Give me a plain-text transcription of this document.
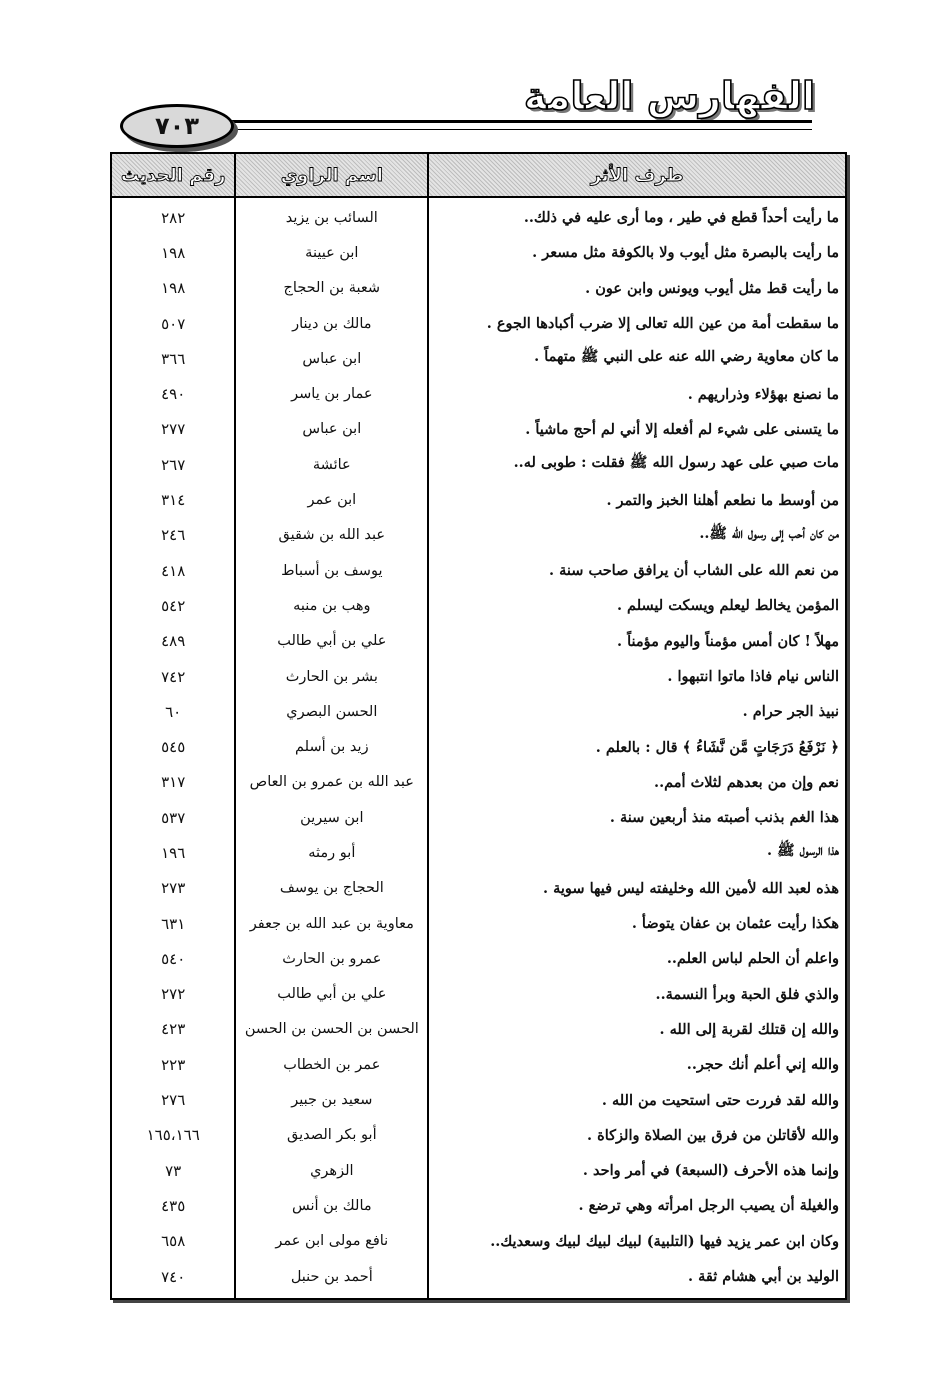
الفهارس العامة
٧٠٣
طرف الأثر
اسم الراوي
رقم الحديث
ما رأيت أحداً قطع في طير ، وما أرى عليه في ذلك..
ما رأيت بالبصرة مثل أيوب ولا بالكوفة مثل مسعر .
ما رأيت قط مثل أيوب ويونس وابن عون .
ما سقطت أمة من عين الله تعالى إلا ضرب أكبادها الجوع .
ما كان معاوية رضي الله عنه على النبي ﷺ متهماً .
ما نصنع بهؤلاء وذراريهم .
ما يتسنى على شيء لم أفعله إلا أني لم أحج ماشياً .
مات صبي على عهد رسول الله ﷺ فقلت : طوبى له..
من أوسط ما نطعم أهلنا الخبز والتمر .
من كان أحب إلى رسول الله ﷺ..
من نعم الله على الشاب أن يرافق صاحب سنة .
المؤمن يخالط ليعلم ويسكت ليسلم .
مهلاً ! كان أمس مؤمناً واليوم مؤمناً .
الناس نيام فاذا ماتوا انتبهوا .
نبيذ الجر حرام .
﴿ نَرْفَعُ دَرَجَاتٍ مَّن نَّشَاءُ ﴾ قال : بالعلم .
نعم وإن من بعدهم لثلاث أمم..
هذا الغم بذنب أصبته منذ أربعين سنة .
هذا الرسول ﷺ .
هذه لعبد الله لأمين الله وخليفته ليس فيها سوية .
هكذا رأيت عثمان بن عفان يتوضأ .
واعلم أن الحلم لباس العلم..
والذي فلق الحبة وبرأ النسمة..
والله إن قتلك لقربة إلى الله .
والله إني أعلم أنك حجر..
والله لقد فررت حتى استحيت من الله .
والله لأقاتلن من فرق بين الصلاة والزكاة .
وإنما هذه الأحرف (السبعة) في أمر واحد .
والغيلة أن يصيب الرجل امرأته وهي ترضع .
وكان ابن عمر يزيد فيها (التلبية) لبيك لبيك لبيك وسعديك..
الوليد بن أبي هشام ثقة .
السائب بن يزيد
ابن عيينة
شعبة بن الحجاج
مالك بن دينار
ابن عباس
عمار بن ياسر
ابن عباس
عائشة
ابن عمر
عبد الله بن شقيق
يوسف بن أسباط
وهب بن منبه
علي بن أبي طالب
بشر بن الحارث
الحسن البصري
زيد بن أسلم
عبد الله بن عمرو بن العاص
ابن سيرين
أبو رمثه
الحجاج بن يوسف
معاوية بن عبد الله بن جعفر
عمرو بن الحارث
علي بن أبي طالب
الحسن بن الحسن بن الحسن
عمر بن الخطاب
سعيد بن جبير
أبو بكر الصديق
الزهري
مالك بن أنس
نافع مولى ابن عمر
أحمد بن حنبل
٢٨٢
١٩٨
١٩٨
٥٠٧
٣٦٦
٤٩٠
٢٧٧
٢٦٧
٣١٤
٢٤٦
٤١٨
٥٤٢
٤٨٩
٧٤٢
٦٠
٥٤٥
٣١٧
٥٣٧
١٩٦
٢٧٣
٦٣١
٥٤٠
٢٧٢
٤٢٣
٢٢٣
٢٧٦
١٦٥،١٦٦
٧٣
٤٣٥
٦٥٨
٧٤٠
